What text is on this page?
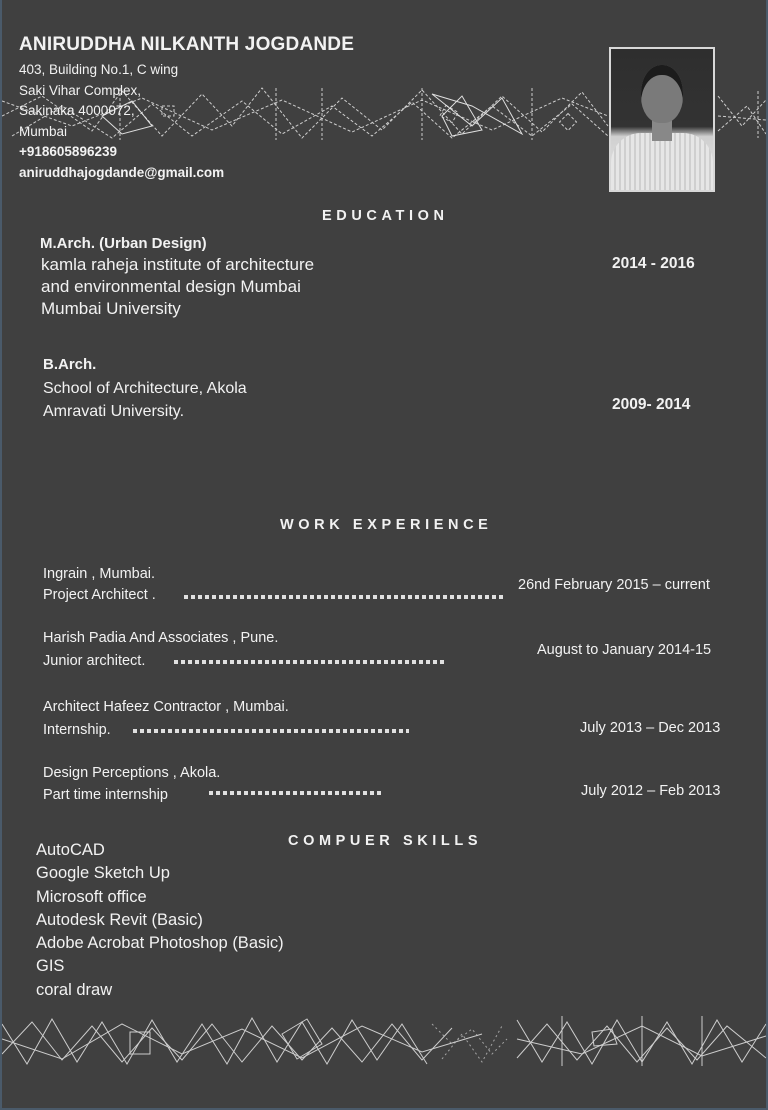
ANIRUDDHA NILKANTH JOGDANDE
403, Building No.1, C wing
Saki Vihar Complex,
Sakinaka 4000072,
Mumbai
+918605896239
aniruddhajogdande@gmail.com
EDUCATION
M.Arch. (Urban Design)
kamla raheja institute of architecture
and environmental design Mumbai
Mumbai University
2014 - 2016
B.Arch.
School of Architecture, Akola
Amravati University.	2009- 2014
WORK EXPERIENCE
Ingrain , Mumbai.
Project Architect .
26nd February 2015 – current
Harish Padia And Associates , Pune.
Junior architect.
August to January 2014-15
Architect Hafeez Contractor , Mumbai.
Internship.	July 2013 – Dec 2013
Design Perceptions , Akola.
Part time internship	July 2012 – Feb 2013
COMPUER SKILLS
AutoCAD
Google Sketch Up
Microsoft office
Autodesk Revit (Basic)
Adobe Acrobat Photoshop (Basic)
GIS
coral draw
